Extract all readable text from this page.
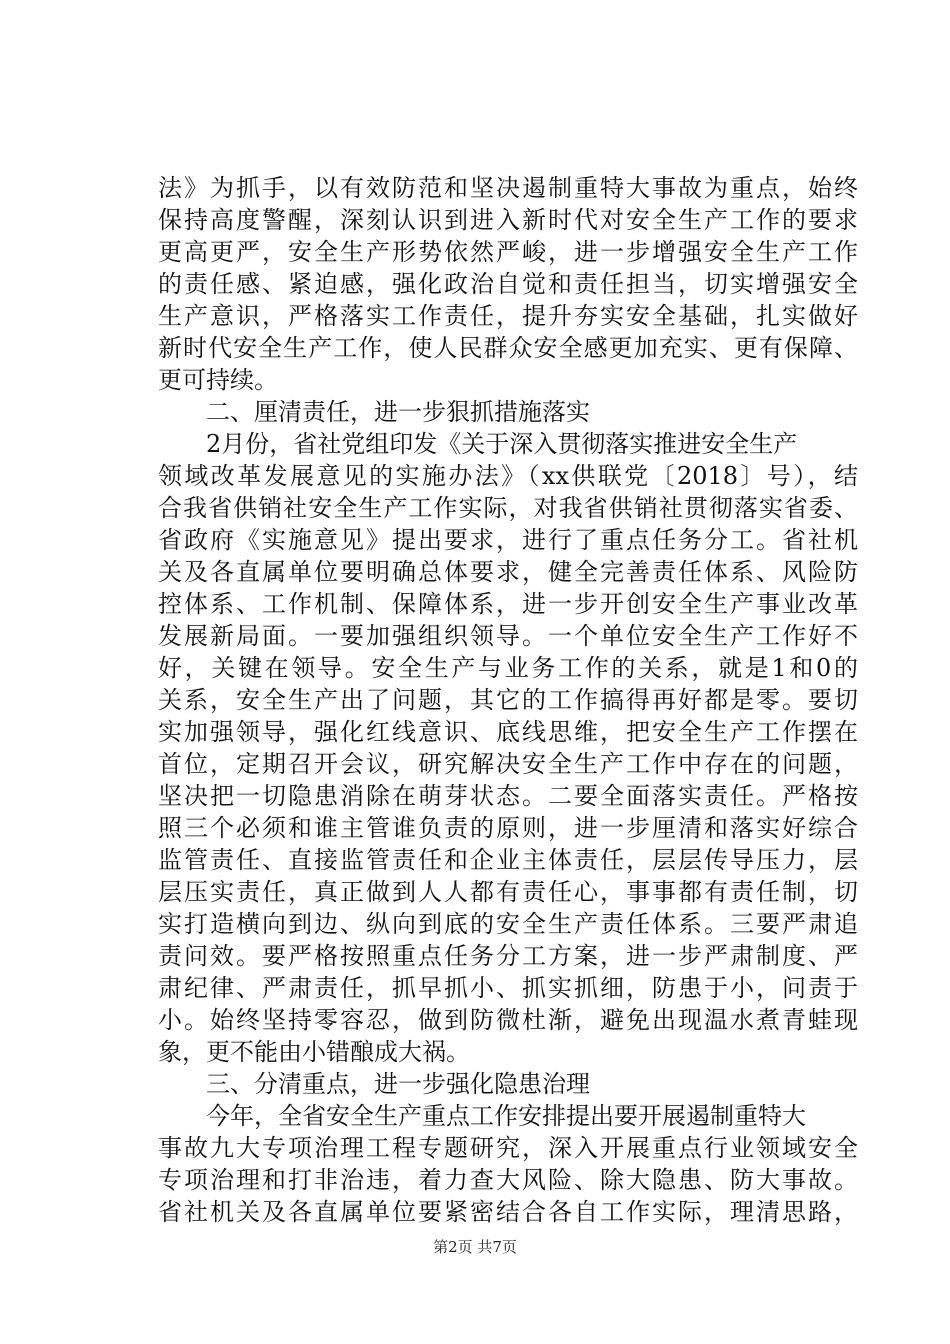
法》为抓手，以有效防范和坚决遏制重特大事故为重点，始终
保持高度警醒，深刻认识到进入新时代对安全生产工作的要求
更高更严，安全生产形势依然严峻，进一步增强安全生产工作
的责任感、紧迫感，强化政治自觉和责任担当，切实增强安全
生产意识，严格落实工作责任，提升夯实安全基础，扎实做好
新时代安全生产工作，使人民群众安全感更加充实、更有保障、
更可持续。
二、厘清责任，进一步狠抓措施落实
2月份，省社党组印发《关于深入贯彻落实推进安全生产
领域改革发展意见的实施办法》（xx供联党〔2018〕号），结
合我省供销社安全生产工作实际，对我省供销社贯彻落实省委、
省政府《实施意见》提出要求，进行了重点任务分工。省社机
关及各直属单位要明确总体要求，健全完善责任体系、风险防
控体系、工作机制、保障体系，进一步开创安全生产事业改革
发展新局面。一要加强组织领导。一个单位安全生产工作好不
好，关键在领导。安全生产与业务工作的关系，就是1和0的
关系，安全生产出了问题，其它的工作搞得再好都是零。要切
实加强领导，强化红线意识、底线思维，把安全生产工作摆在
首位，定期召开会议，研究解决安全生产工作中存在的问题，
坚决把一切隐患消除在萌芽状态。二要全面落实责任。严格按
照三个必须和谁主管谁负责的原则，进一步厘清和落实好综合
监管责任、直接监管责任和企业主体责任，层层传导压力，层
层压实责任，真正做到人人都有责任心，事事都有责任制，切
实打造横向到边、纵向到底的安全生产责任体系。三要严肃追
责问效。要严格按照重点任务分工方案，进一步严肃制度、严
肃纪律、严肃责任，抓早抓小、抓实抓细，防患于小，问责于
小。始终坚持零容忍，做到防微杜渐，避免出现温水煮青蛙现
象，更不能由小错酿成大祸。
三、分清重点，进一步强化隐患治理
今年，全省安全生产重点工作安排提出要开展遏制重特大
事故九大专项治理工程专题研究，深入开展重点行业领域安全
专项治理和打非治违，着力查大风险、除大隐患、防大事故。
省社机关及各直属单位要紧密结合各自工作实际，理清思路，
第2页 共7页
